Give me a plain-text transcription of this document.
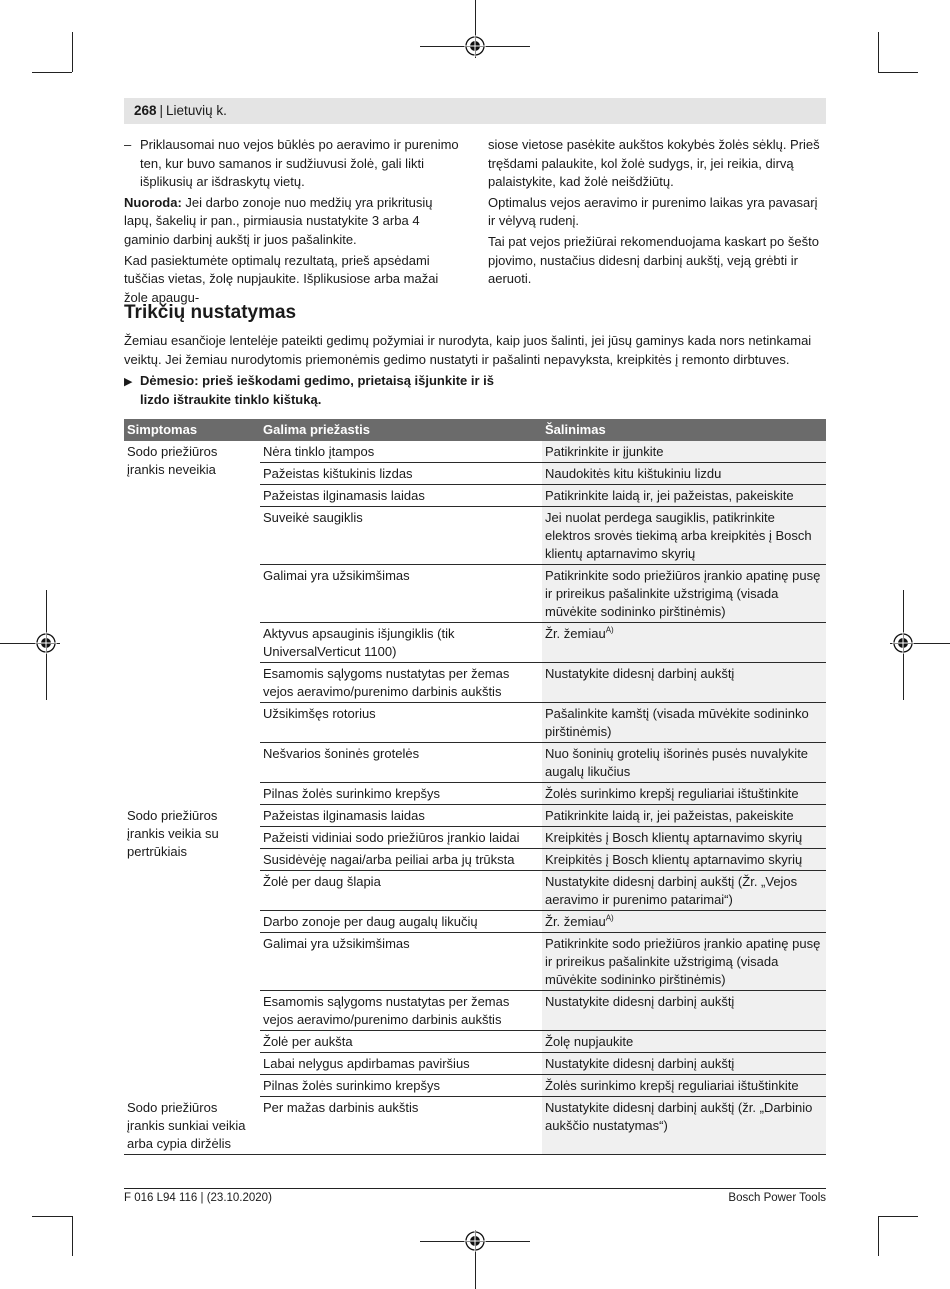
268 | Lietuvių k.

– Priklausomai nuo vejos būklės po aeravimo ir purenimo ten, kur buvo samanos ir sudžiuvusi žolė, gali likti išplikusių ar išdraskytų vietų.

Nuoroda: Jei darbo zonoje nuo medžių yra prikritusių lapų, šakelių ir pan., pirmiausia nustatykite 3 arba 4 gaminio darbinį aukštį ir juos pašalinkite.

Kad pasiektumėte optimalų rezultatą, prieš apsėdami tuščias vietas, žolę nupjaukite. Išplikusiose arba mažai žole apaugu-

siose vietose pasėkite aukštos kokybės žolės sėklų. Prieš tręšdami palaukite, kol žolė sudygs, ir, jei reikia, dirvą palaistykite, kad žolė neišdžiūtų.

Optimalus vejos aeravimo ir purenimo laikas yra pavasarį ir vėlyvą rudenį.

Tai pat vejos priežiūrai rekomenduojama kaskart po šešto pjovimo, nustačius didesnį darbinį aukštį, veją grėbti ir aeruoti.

Trikčių nustatymas

Žemiau esančioje lentelėje pateikti gedimų požymiai ir nurodyta, kaip juos šalinti, jei jūsų gaminys kada nors netinkamai veiktų. Jei žemiau nurodytomis priemonėmis gedimo nustatyti ir pašalinti nepavyksta, kreipkitės į remonto dirbtuves.

▶ Dėmesio: prieš ieškodami gedimo, prietaisą išjunkite ir iš lizdo ištraukite tinklo kištuką.
Simptomas	Galima priežastis	Šalinimas
Sodo priežiūros įrankis neveikia	Nėra tinklo įtampos	Patikrinkite ir įjunkite
	Pažeistas kištukinis lizdas	Naudokitės kitu kištukiniu lizdu
	Pažeistas ilginamasis laidas	Patikrinkite laidą ir, jei pažeistas, pakeiskite
	Suveikė saugiklis	Jei nuolat perdega saugiklis, patikrinkite elektros srovės tiekimą arba kreipkitės į Bosch klientų aptarnavimo skyrių
	Galimai yra užsikimšimas	Patikrinkite sodo priežiūros įrankio apatinę pusę ir prireikus pašalinkite užstrigimą (visada mūvėkite sodininko pirštinėmis)
	Aktyvus apsauginis išjungiklis (tik UniversalVerticut 1100)	Žr. žemiau$^{A)}$
	Esamomis sąlygoms nustatytas per žemas vejos aeravimo/purenimo darbinis aukštis	Nustatykite didesnį darbinį aukštį
	Užsikimšęs rotorius	Pašalinkite kamštį (visada mūvėkite sodininko pirštinėmis)
	Nešvarios šoninės grotelės	Nuo šoninių grotelių išorinės pusės nuvalykite augalų likučius
	Pilnas žolės surinkimo krepšys	Žolės surinkimo krepšį reguliariai ištuštinkite
Sodo priežiūros įrankis veikia su pertrūkiais	Pažeistas ilginamasis laidas	Patikrinkite laidą ir, jei pažeistas, pakeiskite
	Pažeisti vidiniai sodo priežiūros įrankio laidai	Kreipkitės į Bosch klientų aptarnavimo skyrių
	Susidėvėję nagai/arba peiliai arba jų trūksta	Kreipkitės į Bosch klientų aptarnavimo skyrių
	Žolė per daug šlapia	Nustatykite didesnį darbinį aukštį (Žr. „Vejos aeravimo ir purenimo patarimai“)
	Darbo zonoje per daug augalų likučių	Žr. žemiau$^{A)}$
	Galimai yra užsikimšimas	Patikrinkite sodo priežiūros įrankio apatinę pusę ir prireikus pašalinkite užstrigimą (visada mūvėkite sodininko pirštinėmis)
	Esamomis sąlygoms nustatytas per žemas vejos aeravimo/purenimo darbinis aukštis	Nustatykite didesnį darbinį aukštį
	Žolė per aukšta	Žolę nupjaukite
	Labai nelygus apdirbamas paviršius	Nustatykite didesnį darbinį aukštį
	Pilnas žolės surinkimo krepšys	Žolės surinkimo krepšį reguliariai ištuštinkite
Sodo priežiūros įrankis sunkiai veikia arba cypia diržėlis	Per mažas darbinis aukštis	Nustatykite didesnį darbinį aukštį (žr. „Darbinio aukščio nustatymas“)
F 016 L94 116 | (23.10.2020)	Bosch Power Tools
